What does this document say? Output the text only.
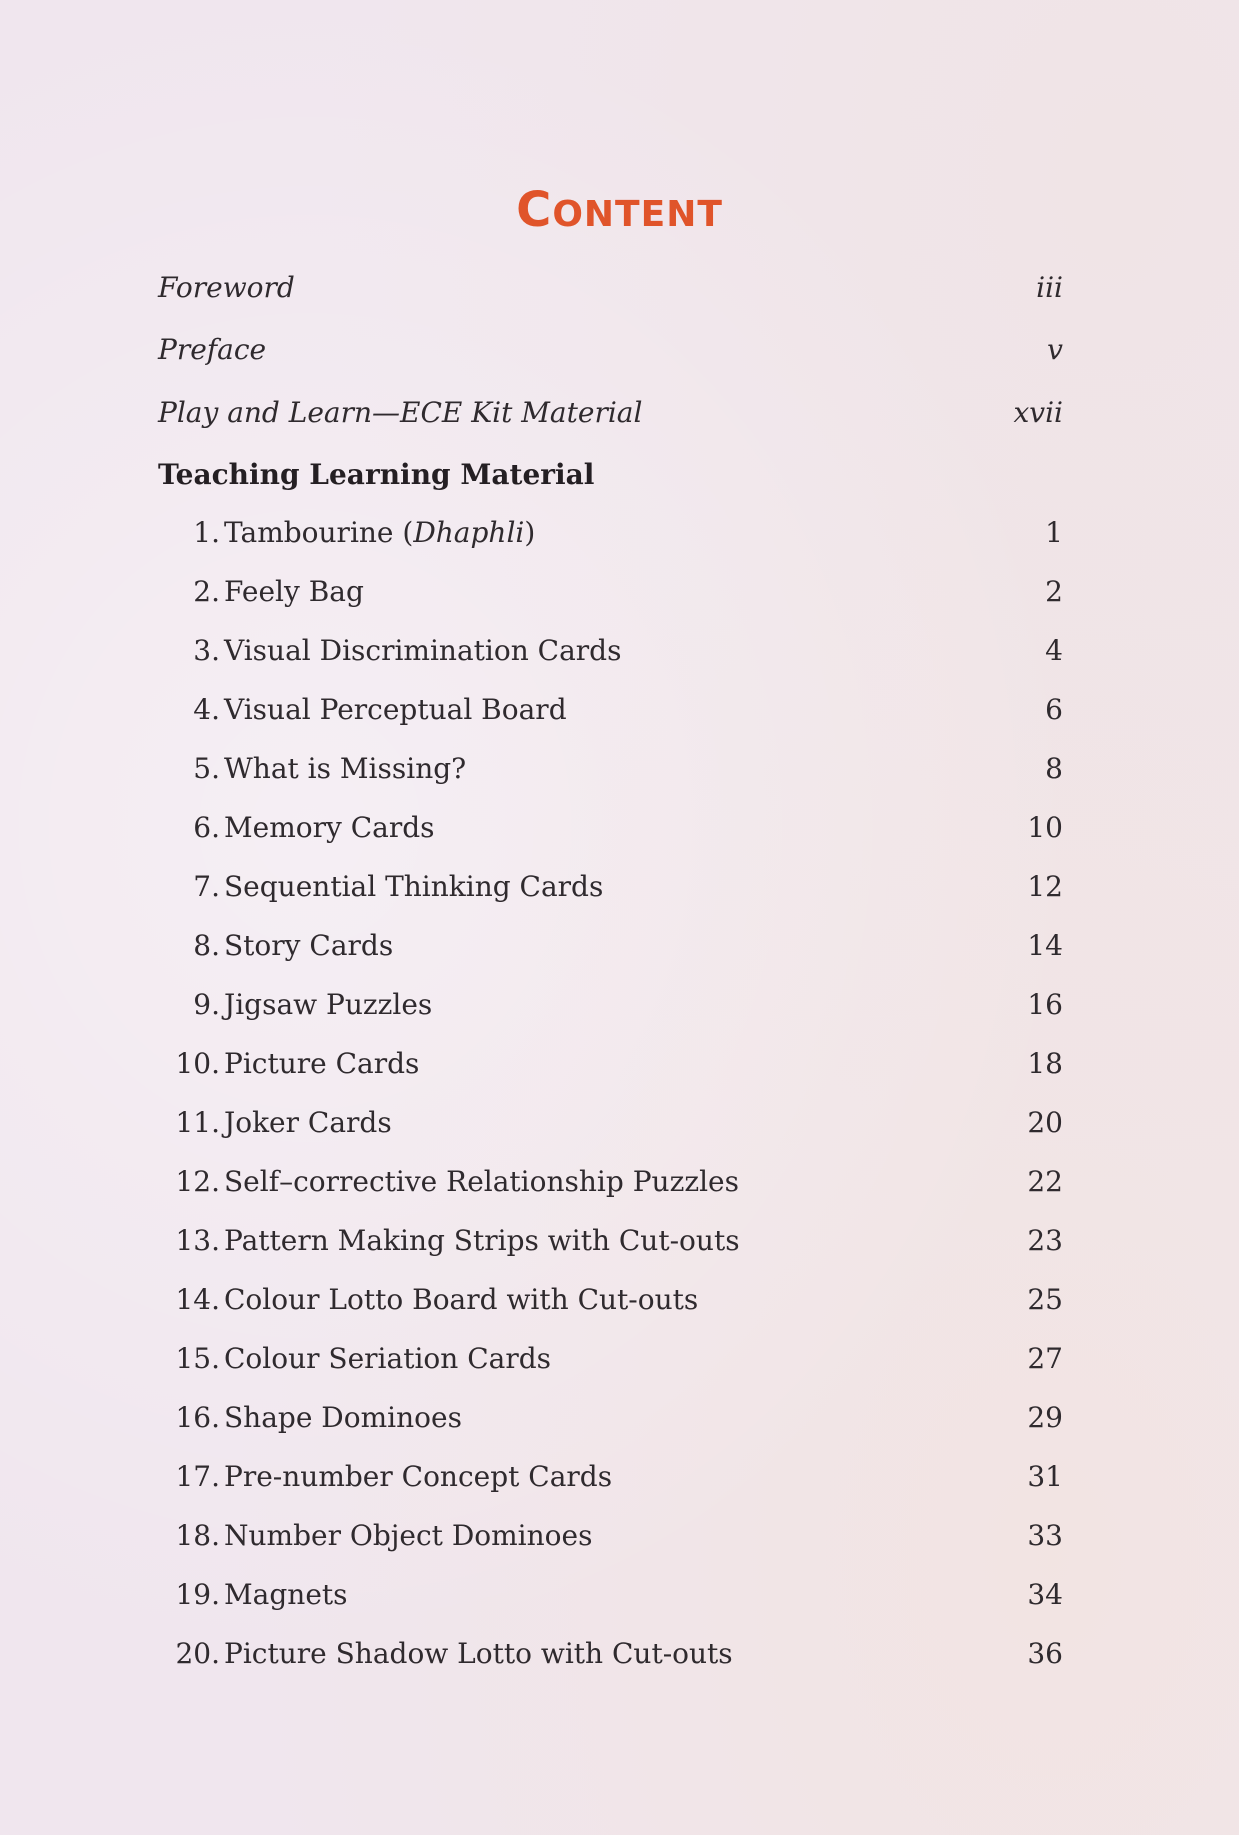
CONTENT
Foreword	iii
Preface	v
Play and Learn—ECE Kit Material	xvii
Teaching Learning Material
1. Tambourine (Dhaphli)	1
2. Feely Bag	2
3. Visual Discrimination Cards	4
4. Visual Perceptual Board	6
5. What is Missing?	8
6. Memory Cards	10
7. Sequential Thinking Cards	12
8. Story Cards	14
9. Jigsaw Puzzles	16
10. Picture Cards	18
11. Joker Cards	20
12. Self–corrective Relationship Puzzles	22
13. Pattern Making Strips with Cut-outs	23
14. Colour Lotto Board with Cut-outs	25
15. Colour Seriation Cards	27
16. Shape Dominoes	29
17. Pre-number Concept Cards	31
18. Number Object Dominoes	33
19. Magnets	34
20. Picture Shadow Lotto with Cut-outs	36
